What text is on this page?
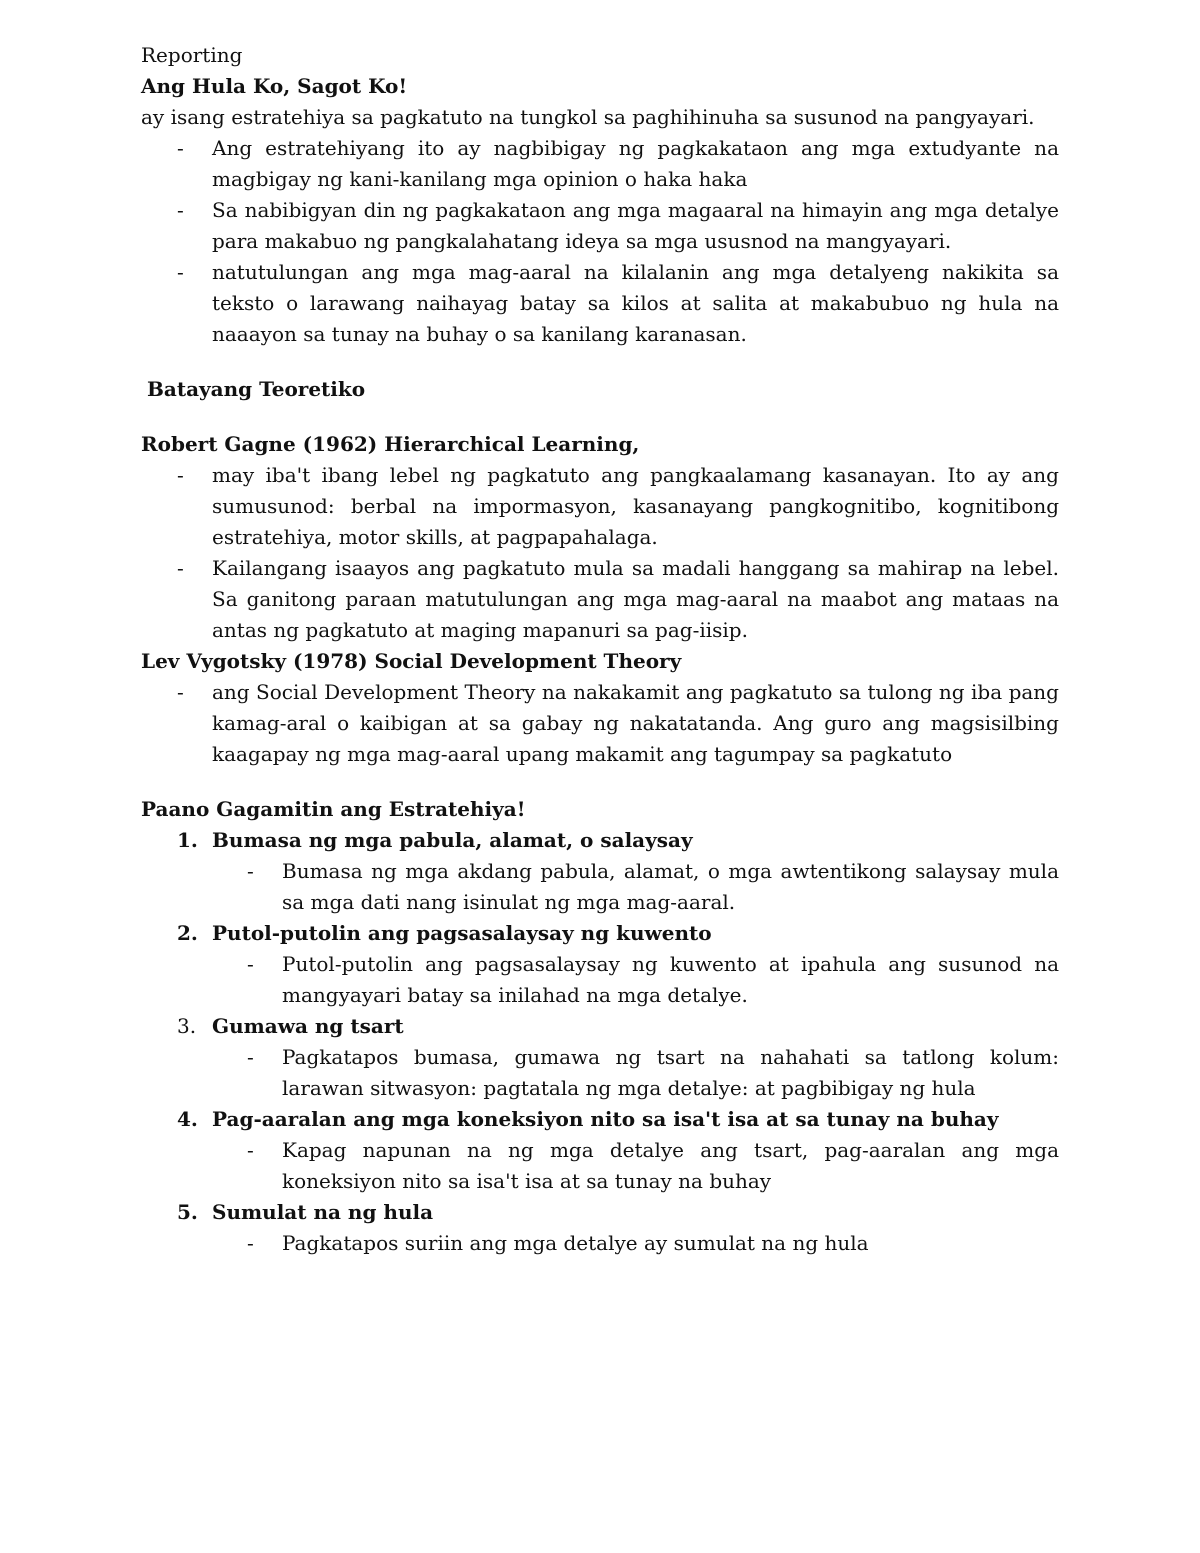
Reporting

Ang Hula Ko, Sagot Ko!

ay isang estratehiya sa pagkatuto na tungkol sa paghihinuha sa susunod na pangyayari.

- Ang estratehiyang ito ay nagbibigay ng pagkakataon ang mga extudyante na magbigay ng kani-kanilang mga opinion o haka haka
- Sa nabibigyan din ng pagkakataon ang mga magaaral na himayin ang mga detalye para makabuo ng pangkalahatang ideya sa mga ususnod na mangyayari.
- natutulungan ang mga mag-aaral na kilalanin ang mga detalyeng nakikita sa teksto o larawang naihayag batay sa kilos at salita at makabubuo ng hula na naaayon sa tunay na buhay o sa kanilang karanasan.

Batayang Teoretiko

Robert Gagne (1962) Hierarchical Learning,

- may iba't ibang lebel ng pagkatuto ang pangkaalamang kasanayan. Ito ay ang sumusunod: berbal na impormasyon, kasanayang pangkognitibo, kognitibong estratehiya, motor skills, at pagpapahalaga.
- Kailangang isaayos ang pagkatuto mula sa madali hanggang sa mahirap na lebel. Sa ganitong paraan matutulungan ang mga mag-aaral na maabot ang mataas na antas ng pagkatuto at maging mapanuri sa pag-iisip.

Lev Vygotsky (1978) Social Development Theory

- ang Social Development Theory na nakakamit ang pagkatuto sa tulong ng iba pang kamag-aral o kaibigan at sa gabay ng nakatatanda. Ang guro ang magsisilbing kaagapay ng mga mag-aaral upang makamit ang tagumpay sa pagkatuto

Paano Gagamitin ang Estratehiya!

1. Bumasa ng mga pabula, alamat, o salaysay
- Bumasa ng mga akdang pabula, alamat, o mga awtentikong salaysay mula sa mga dati nang isinulat ng mga mag-aaral.
2. Putol-putolin ang pagsasalaysay ng kuwento
- Putol-putolin ang pagsasalaysay ng kuwento at ipahula ang susunod na mangyayari batay sa inilahad na mga detalye.
3. Gumawa ng tsart
- Pagkatapos bumasa, gumawa ng tsart na nahahati sa tatlong kolum: larawan sitwasyon: pagtatala ng mga detalye: at pagbibigay ng hula
4. Pag-aaralan ang mga koneksiyon nito sa isa't isa at sa tunay na buhay
- Kapag napunan na ng mga detalye ang tsart, pag-aaralan ang mga koneksiyon nito sa isa't isa at sa tunay na buhay
5. Sumulat na ng hula
- Pagkatapos suriin ang mga detalye ay sumulat na ng hula
